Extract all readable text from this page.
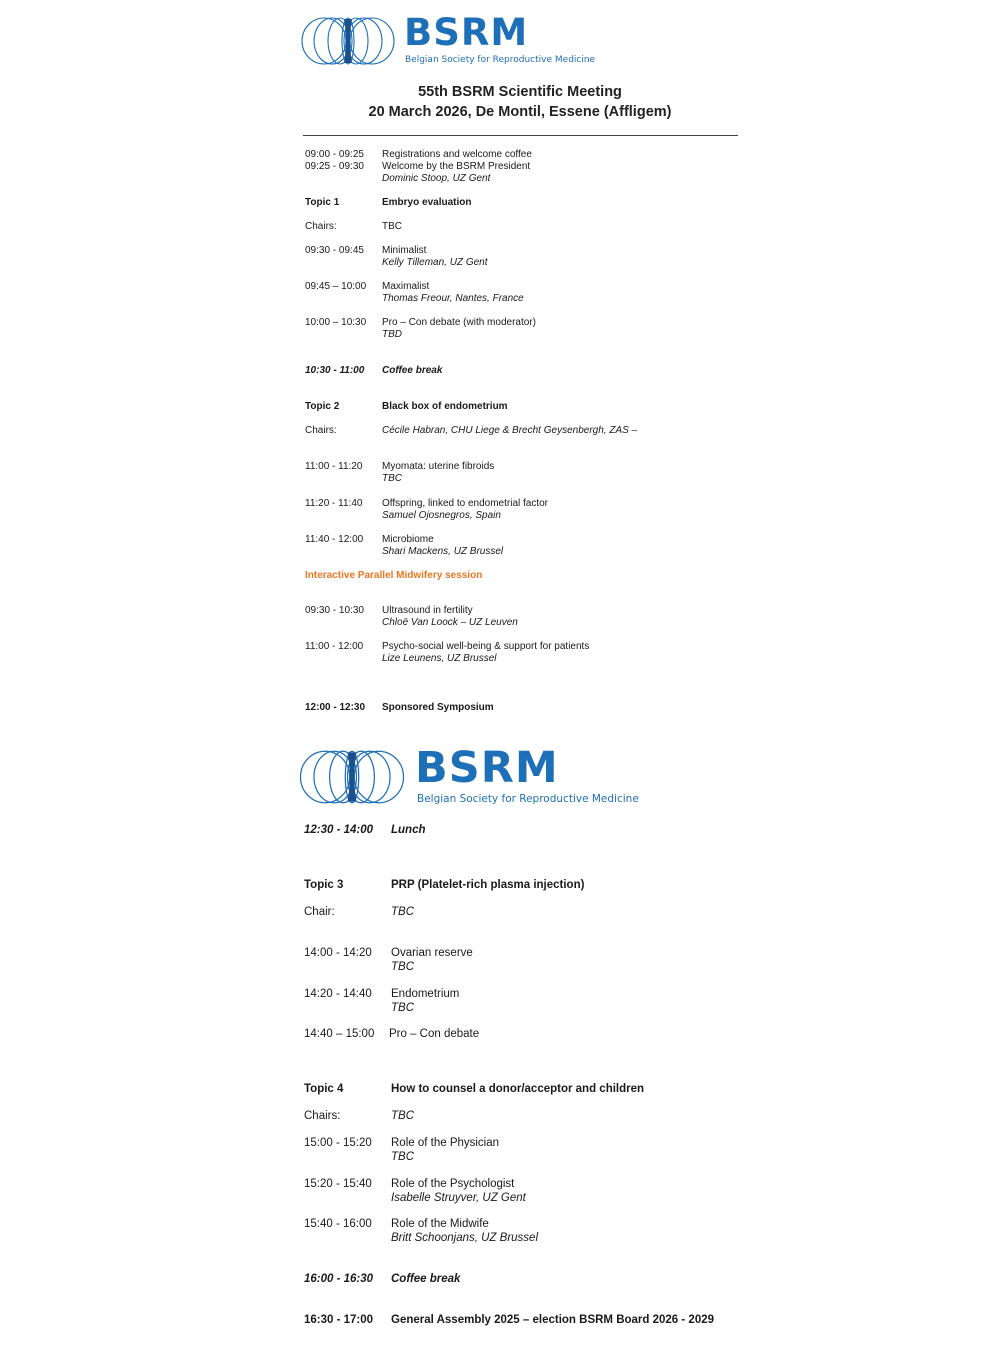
BSRM
Belgian Society for Reproductive Medicine
55th BSRM Scientific Meeting
20 March 2026, De Montil, Essene (Affligem)
09:00 - 09:25 Registrations and welcome coffee
09:25 - 09:30 Welcome by the BSRM President
Dominic Stoop, UZ Gent
Topic 1	Embryo evaluation
Chairs:	TBC
09:30 - 09:45 Minimalist
Kelly Tilleman, UZ Gent
09:45 – 10:00 Maximalist
Thomas Freour, Nantes, France
10:00 – 10:30 Pro – Con debate (with moderator)
TBD
10:30 - 11:00 Coffee break
Topic 2	Black box of endometrium
Chairs:	Cécile Habran, CHU Liege & Brecht Geysenbergh, ZAS –
11:00 - 11:20 Myomata: uterine fibroids
TBC
11:20 - 11:40 Offspring, linked to endometrial factor
Samuel Ojosnegros, Spain
11:40 - 12:00 Microbiome
Shari Mackens, UZ Brussel
Interactive Parallel Midwifery session
09:30 - 10:30 Ultrasound in fertility
Chloë Van Loock – UZ Leuven
11:00 - 12:00 Psycho-social well-being & support for patients
Lize Leunens, UZ Brussel
12:00 - 12:30 Sponsored Symposium
BSRM
Belgian Society for Reproductive Medicine
12:30 - 14:00 Lunch
Topic 3	PRP (Platelet-rich plasma injection)
Chair:	TBC
14:00 - 14:20 Ovarian reserve
TBC
14:20 - 14:40 Endometrium
TBC
14:40 – 15:00 Pro – Con debate
Topic 4	How to counsel a donor/acceptor and children
Chairs:	TBC
15:00 - 15:20 Role of the Physician
TBC
15:20 - 15:40 Role of the Psychologist
Isabelle Struyver, UZ Gent
15:40 - 16:00 Role of the Midwife
Britt Schoonjans, UZ Brussel
16:00 - 16:30 Coffee break
16:30 - 17:00 General Assembly 2025 – election BSRM Board 2026 - 2029
